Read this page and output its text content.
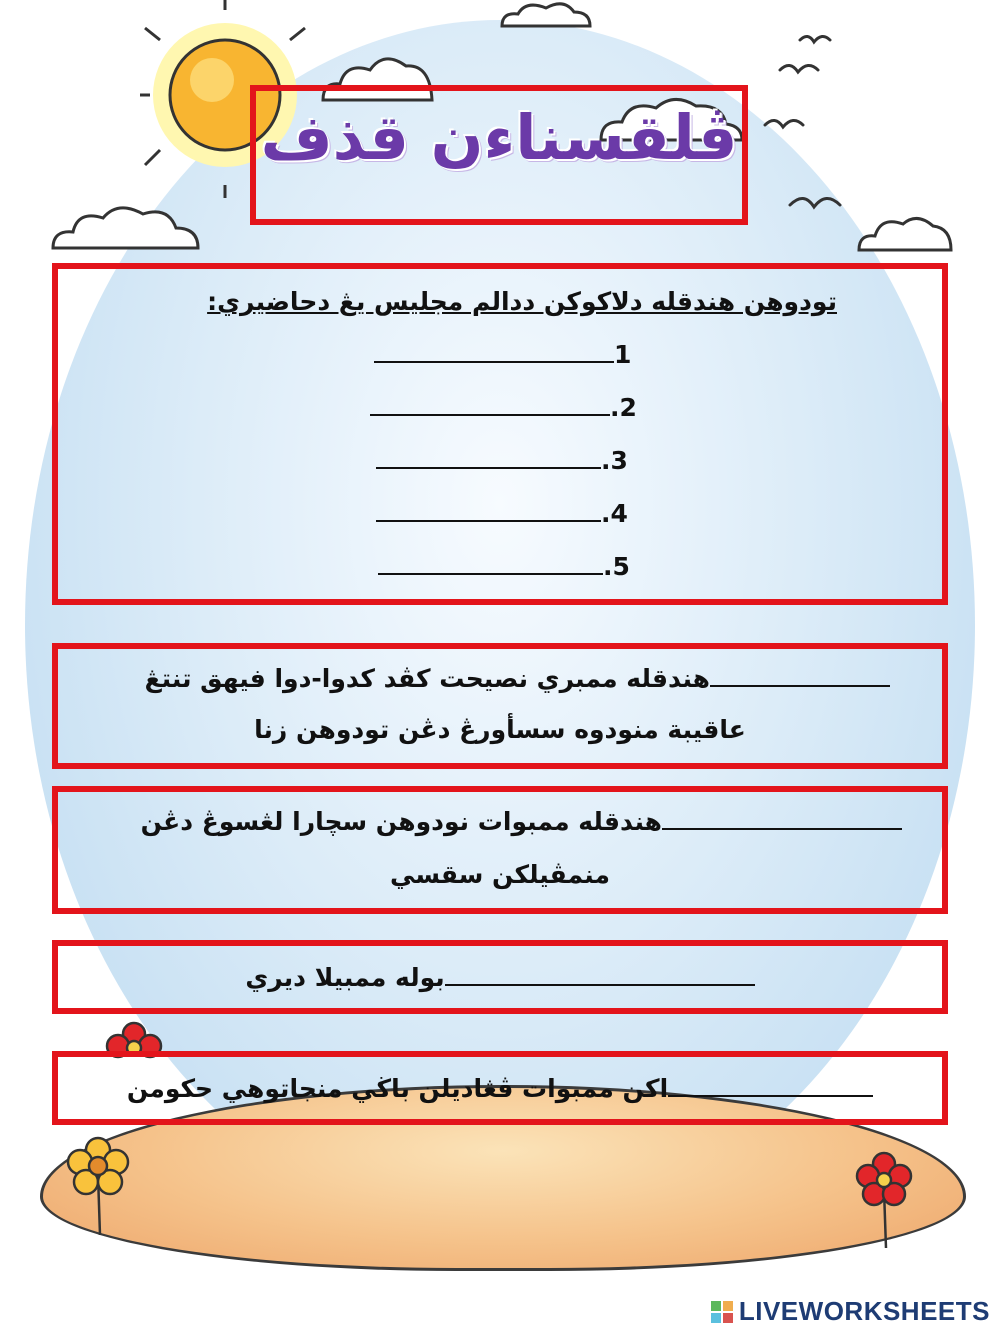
ڤلقسناءن قذف
تودوهن هندقله دلاكوكن ددالم مجليس يڠ دحاضيري:
1
.2
.3
.4
.5
هندقله ممبري نصيحت كڤد كدوا-دوا فيهق تنتڠ
عاقيبة منودوه سسأورڠ دڠن تودوهن زنا
هندقله ممبوات نودوهن سچارا لڠسوڠ دڠن
منمڤيلكن سقسي
بوله ممبيلا ديري
اكن ممبوات ڤڠاديلن باڬي منجاتوهي حكومن
LIVEWORKSHEETS
